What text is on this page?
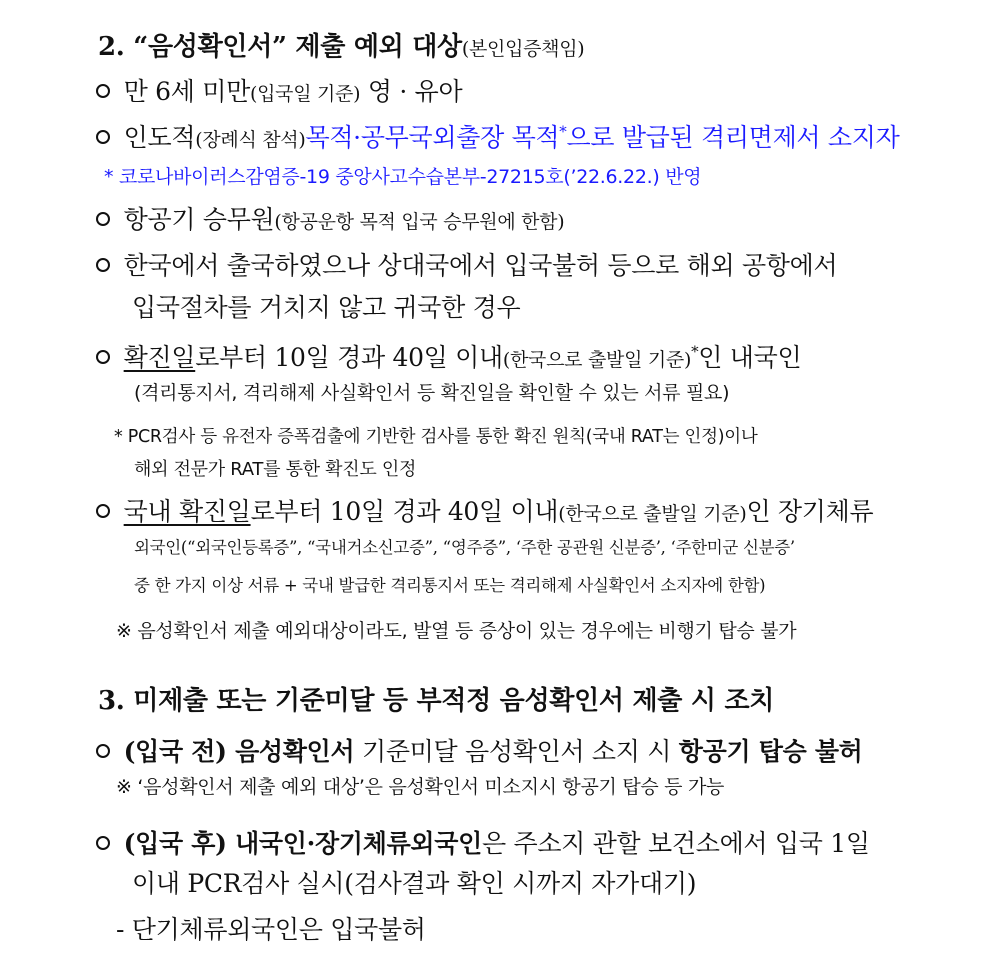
2. “음성확인서” 제출 예외 대상(본인입증책임)
만 6세 미만(입국일 기준) 영 · 유아
인도적(장례식 참석)목적·공무국외출장 목적*으로 발급된 격리면제서 소지자
* 코로나바이러스감염증-19 중앙사고수습본부-27215호(’22.6.22.) 반영
항공기 승무원(항공운항 목적 입국 승무원에 한함)
한국에서 출국하였으나 상대국에서 입국불허 등으로 해외 공항에서
입국절차를 거치지 않고 귀국한 경우
확진일로부터 10일 경과 40일 이내(한국으로 출발일 기준)*인 내국인
(격리통지서, 격리해제 사실확인서 등 확진일을 확인할 수 있는 서류 필요)
* PCR검사 등 유전자 증폭검출에 기반한 검사를 통한 확진 원칙(국내 RAT는 인정)이나
해외 전문가 RAT를 통한 확진도 인정
국내 확진일로부터 10일 경과 40일 이내(한국으로 출발일 기준)인 장기체류
외국인(“외국인등록증”, “국내거소신고증”, “영주증”, ‘주한 공관원 신분증’, ‘주한미군 신분증’
중 한 가지 이상 서류 + 국내 발급한 격리통지서 또는 격리해제 사실확인서 소지자에 한함)
※ 음성확인서 제출 예외대상이라도, 발열 등 증상이 있는 경우에는 비행기 탑승 불가
3. 미제출 또는 기준미달 등 부적정 음성확인서 제출 시 조치
(입국 전) 음성확인서 기준미달 음성확인서 소지 시 항공기 탑승 불허
※ ‘음성확인서 제출 예외 대상’은 음성확인서 미소지시 항공기 탑승 등 가능
(입국 후) 내국인·장기체류외국인은 주소지 관할 보건소에서 입국 1일
이내 PCR검사 실시(검사결과 확인 시까지 자가대기)
- 단기체류외국인은 입국불허
